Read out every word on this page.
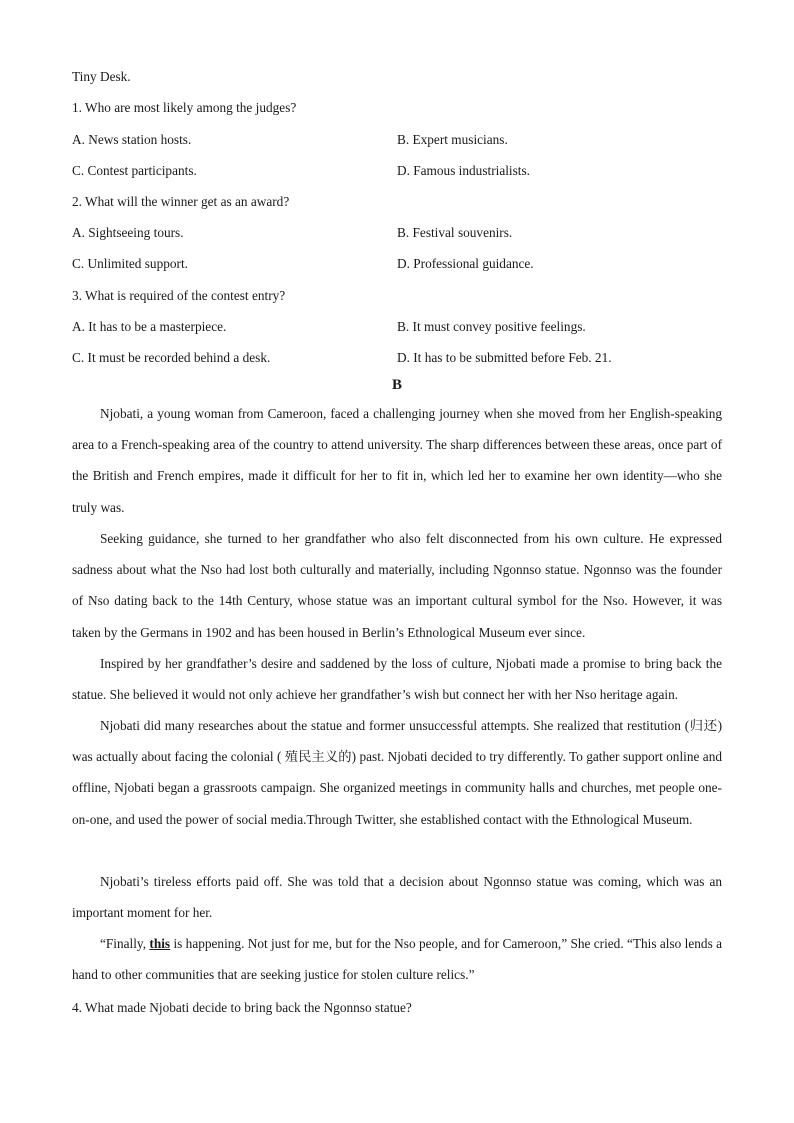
Tiny Desk.
1. Who are most likely among the judges?
A. News station hosts.	B. Expert musicians.
C. Contest participants.	D. Famous industrialists.
2. What will the winner get as an award?
A. Sightseeing tours.	B. Festival souvenirs.
C. Unlimited support.	D. Professional guidance.
3. What is required of the contest entry?
A. It has to be a masterpiece.	B. It must convey positive feelings.
C. It must be recorded behind a desk.	D. It has to be submitted before Feb. 21.
B
Njobati, a young woman from Cameroon, faced a challenging journey when she moved from her English-speaking area to a French-speaking area of the country to attend university. The sharp differences between these areas, once part of the British and French empires, made it difficult for her to fit in, which led her to examine her own identity—who she truly was.
Seeking guidance, she turned to her grandfather who also felt disconnected from his own culture. He expressed sadness about what the Nso had lost both culturally and materially, including Ngonnso statue. Ngonnso was the founder of Nso dating back to the 14th Century, whose statue was an important cultural symbol for the Nso. However, it was taken by the Germans in 1902 and has been housed in Berlin’s Ethnological Museum ever since.
Inspired by her grandfather’s desire and saddened by the loss of culture, Njobati made a promise to bring back the statue. She believed it would not only achieve her grandfather’s wish but connect her with her Nso heritage again.
Njobati did many researches about the statue and former unsuccessful attempts. She realized that restitution (归还) was actually about facing the colonial ( 殖民主义的) past. Njobati decided to try differently. To gather support online and offline, Njobati began a grassroots campaign. She organized meetings in community halls and churches, met people one-on-one, and used the power of social media.Through Twitter, she established contact with the Ethnological Museum.
Njobati’s tireless efforts paid off. She was told that a decision about Ngonnso statue was coming, which was an important moment for her.
“Finally, this is happening. Not just for me, but for the Nso people, and for Cameroon,” She cried. “This also lends a hand to other communities that are seeking justice for stolen culture relics.”
4. What made Njobati decide to bring back the Ngonnso statue?
